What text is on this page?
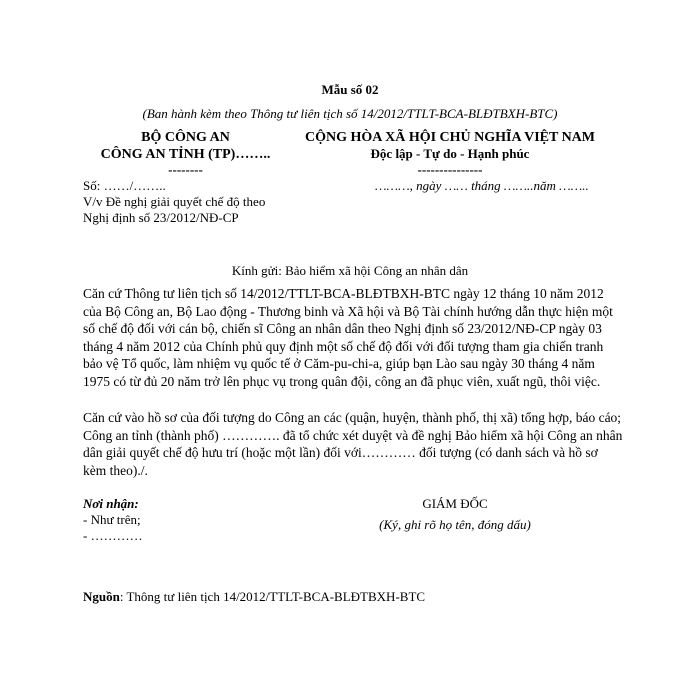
Mẫu số 02
(Ban hành kèm theo Thông tư liên tịch số 14/2012/TTLT-BCA-BLĐTBXH-BTC)
BỘ CÔNG AN
CÔNG AN TỈNH (TP)……..
--------
CỘNG HÒA XÃ HỘI CHỦ NGHĨA VIỆT NAM
Độc lập - Tự do - Hạnh phúc
---------------
Số: ……/……..	………, ngày …… tháng ……..năm ……..
V/v Đề nghị giải quyết chế độ theo Nghị định số 23/2012/NĐ-CP
Kính gửi: Bảo hiểm xã hội Công an nhân dân
Căn cứ Thông tư liên tịch số 14/2012/TTLT-BCA-BLĐTBXH-BTC ngày 12 tháng 10 năm 2012 của Bộ Công an, Bộ Lao động - Thương binh và Xã hội và Bộ Tài chính hướng dẫn thực hiện một số chế độ đối với cán bộ, chiến sĩ Công an nhân dân theo Nghị định số 23/2012/NĐ-CP ngày 03 tháng 4 năm 2012 của Chính phủ quy định một số chế độ đối với đối tượng tham gia chiến tranh bảo vệ Tổ quốc, làm nhiệm vụ quốc tế ở Căm-pu-chi-a, giúp bạn Lào sau ngày 30 tháng 4 năm 1975 có từ đủ 20 năm trở lên phục vụ trong quân đội, công an đã phục viên, xuất ngũ, thôi việc.
Căn cứ vào hồ sơ của đối tượng do Công an các (quận, huyện, thành phố, thị xã) tổng hợp, báo cáo; Công an tỉnh (thành phố) …………. đã tổ chức xét duyệt và đề nghị Bảo hiểm xã hội Công an nhân dân giải quyết chế độ hưu trí (hoặc một lần) đối với………… đối tượng (có danh sách và hồ sơ kèm theo)./.
Nơi nhận:
- Như trên;
- …………
GIÁM ĐỐC
(Ký, ghi rõ họ tên, đóng dấu)
Nguồn: Thông tư liên tịch 14/2012/TTLT-BCA-BLĐTBXH-BTC
